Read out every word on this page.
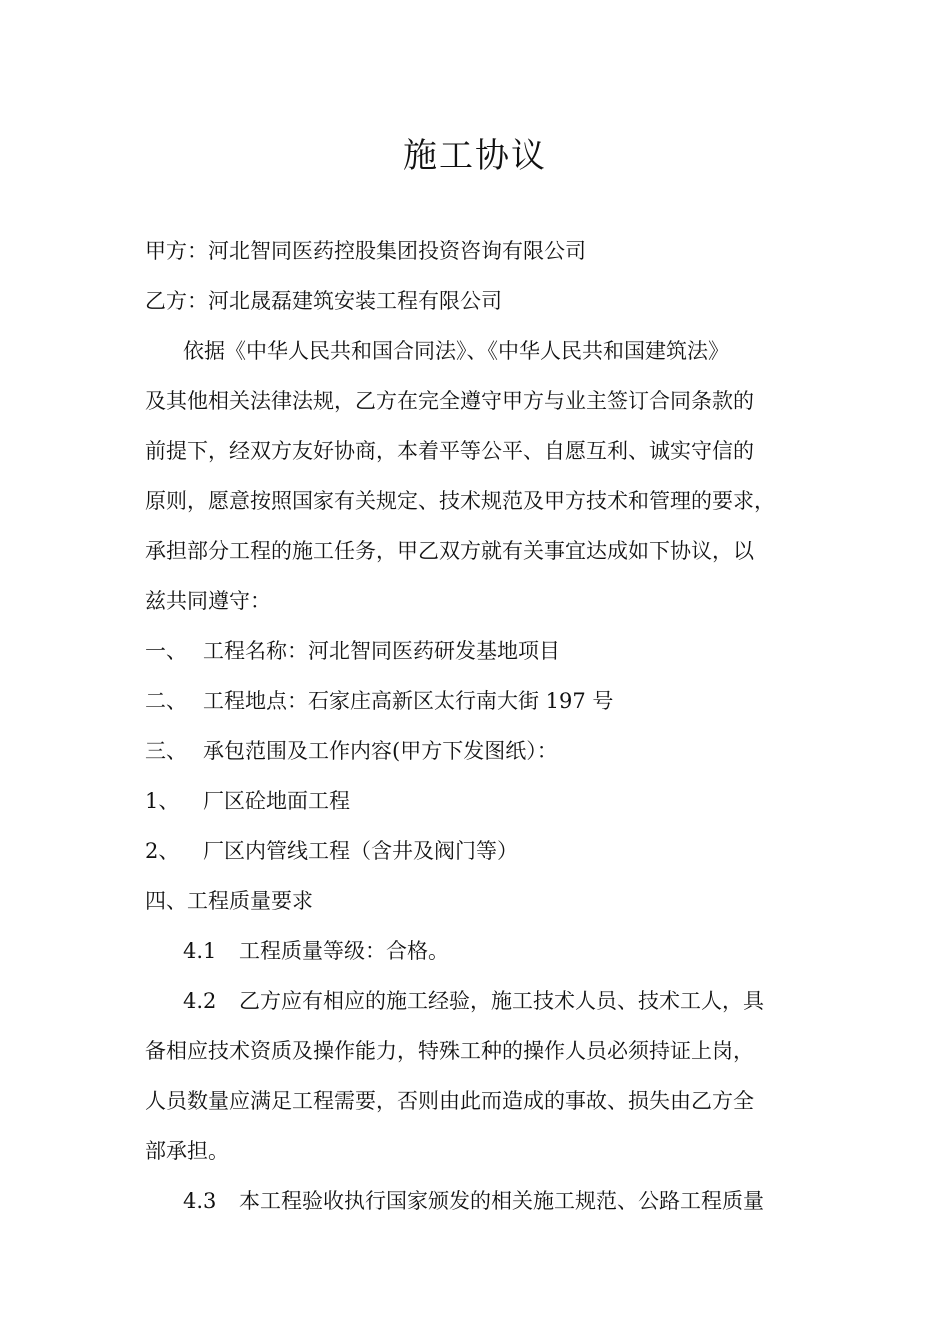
施工协议
甲方：河北智同医药控股集团投资咨询有限公司
乙方：河北晟磊建筑安装工程有限公司
依据《中华人民共和国合同法》、《中华人民共和国建筑法》
及其他相关法律法规，乙方在完全遵守甲方与业主签订合同条款的
前提下，经双方友好协商，本着平等公平、自愿互利、诚实守信的
原则，愿意按照国家有关规定、技术规范及甲方技术和管理的要求，
承担部分工程的施工任务，甲乙双方就有关事宜达成如下协议，以
兹共同遵守：
一、 工程名称：河北智同医药研发基地项目
二、 工程地点：石家庄高新区太行南大街 197 号
三、 承包范围及工作内容(甲方下发图纸）：
1、 厂区砼地面工程
2、 厂区内管线工程（含井及阀门等）
四、工程质量要求
4.1 工程质量等级：合格。
4.2 乙方应有相应的施工经验，施工技术人员、技术工人，具
备相应技术资质及操作能力，特殊工种的操作人员必须持证上岗，
人员数量应满足工程需要，否则由此而造成的事故、损失由乙方全
部承担。
4.3 本工程验收执行国家颁发的相关施工规范、公路工程质量
